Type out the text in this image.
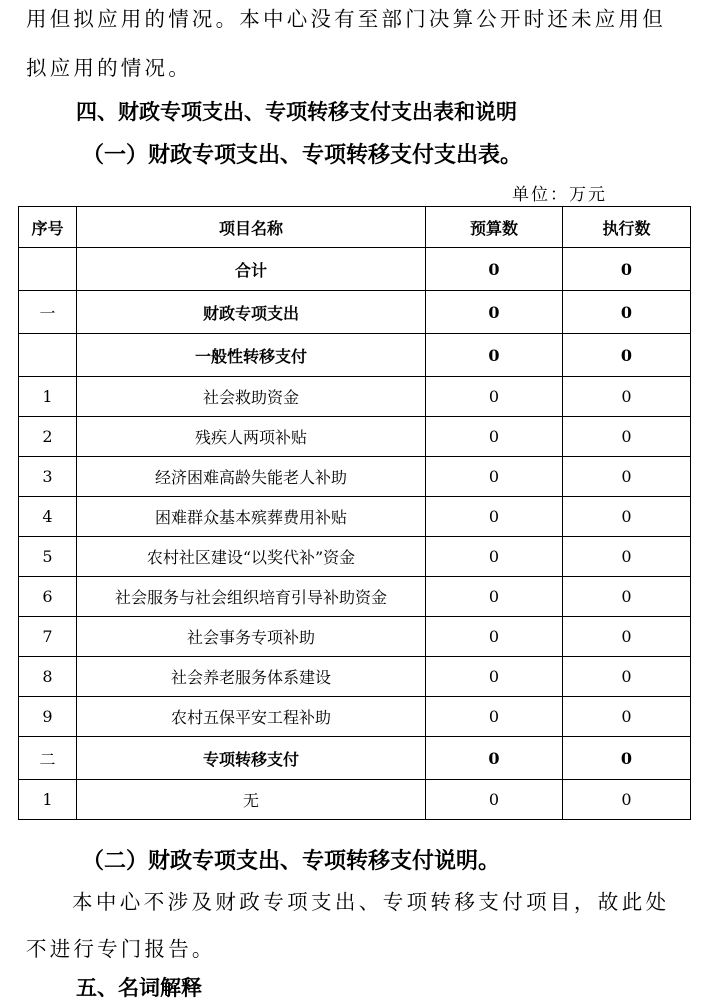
用但拟应用的情况。本中心没有至部门决算公开时还未应用但

拟应用的情况。

四、财政专项支出、专项转移支付支出表和说明
（一）财政专项支出、专项转移支付支出表。
单位：万元
序号	项目名称	预算数	执行数
	合计	0	0
一	财政专项支出	0	0
	一般性转移支付	0	0
1	社会救助资金	0	0
2	残疾人两项补贴	0	0
3	经济困难高龄失能老人补助	0	0
4	困难群众基本殡葬费用补贴	0	0
5	农村社区建设“以奖代补”资金	0	0
6	社会服务与社会组织培育引导补助资金	0	0
7	社会事务专项补助	0	0
8	社会养老服务体系建设	0	0
9	农村五保平安工程补助	0	0
二	专项转移支付	0	0
1	无	0	0
（二）财政专项支出、专项转移支付说明。

本中心不涉及财政专项支出、专项转移支付项目，故此处

不进行专门报告。

五、名词解释
